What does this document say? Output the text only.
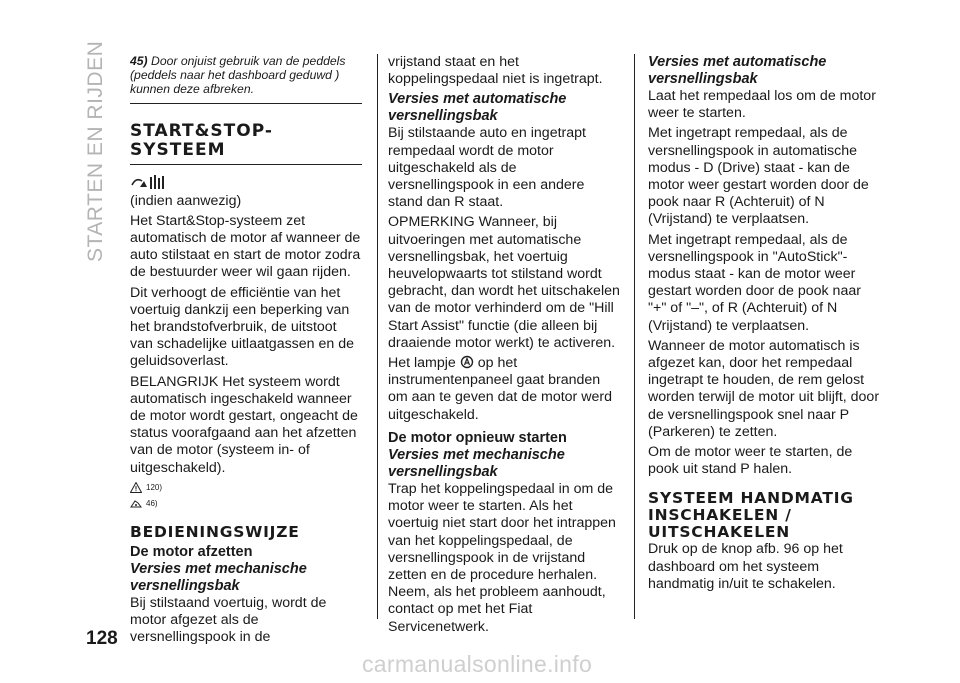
STARTEN EN RIJDEN 45) Door onjuist gebruik van de peddels (peddels naar het dashboard geduwd ) kunnen deze afbreken.
START&STOP-SYSTEEM

(indien aanwezig)

Het Start&Stop-systeem zet automatisch de motor af wanneer de auto stilstaat en start de motor zodra de bestuurder weer wil gaan rijden.

Dit verhoogt de efficiëntie van het voertuig dankzij een beperking van het brandstofverbruik, de uitstoot van schadelijke uitlaatgassen en de geluidsoverlast.

BELANGRIJK Het systeem wordt automatisch ingeschakeld wanneer de motor wordt gestart, ongeacht de status voorafgaand aan het afzetten van de motor (systeem in- of uitgeschakeld).

120)
46)
BEDIENINGSWIJZE
De motor afzetten
Versies met mechanische versnellingsbak

Bij stilstaand voertuig, wordt de motor afgezet als de versnellingspook in de

vrijstand staat en het koppelingspedaal niet is ingetrapt.

Versies met automatische versnellingsbak

Bij stilstaande auto en ingetrapt rempedaal wordt de motor uitgeschakeld als de versnellingspook in een andere stand dan R staat.

OPMERKING Wanneer, bij uitvoeringen met automatische versnellingsbak, het voertuig heuvelopwaarts tot stilstand wordt gebracht, dan wordt het uitschakelen van de motor verhinderd om de "Hill Start Assist" functie (die alleen bij draaiende motor werkt) te activeren.

Het lampje op het instrumentenpaneel gaat branden om aan te geven dat de motor werd uitgeschakeld.

De motor opnieuw starten
Versies met mechanische versnellingsbak

Trap het koppelingspedaal in om de motor weer te starten. Als het voertuig niet start door het intrappen van het koppelingspedaal, de versnellingspook in de vrijstand zetten en de procedure herhalen. Neem, als het probleem aanhoudt, contact op met het Fiat Servicenetwerk.

Versies met automatische versnellingsbak

Laat het rempedaal los om de motor weer te starten.

Met ingetrapt rempedaal, als de versnellingspook in automatische modus - D (Drive) staat - kan de motor weer gestart worden door de pook naar R (Achteruit) of N (Vrijstand) te verplaatsen.

Met ingetrapt rempedaal, als de versnellingspook in "AutoStick"-modus staat - kan de motor weer gestart worden door de pook naar "+" of "–", of R (Achteruit) of N (Vrijstand) te verplaatsen.

Wanneer de motor automatisch is afgezet kan, door het rempedaal ingetrapt te houden, de rem gelost worden terwijl de motor uit blijft, door de versnellingspook snel naar P (Parkeren) te zetten.

Om de motor weer te starten, de pook uit stand P halen.

SYSTEEM HANDMATIG INSCHAKELEN / UITSCHAKELEN

Druk op de knop afb. 96 op het dashboard om het systeem handmatig in/uit te schakelen.

128
carmanualsonline.info
